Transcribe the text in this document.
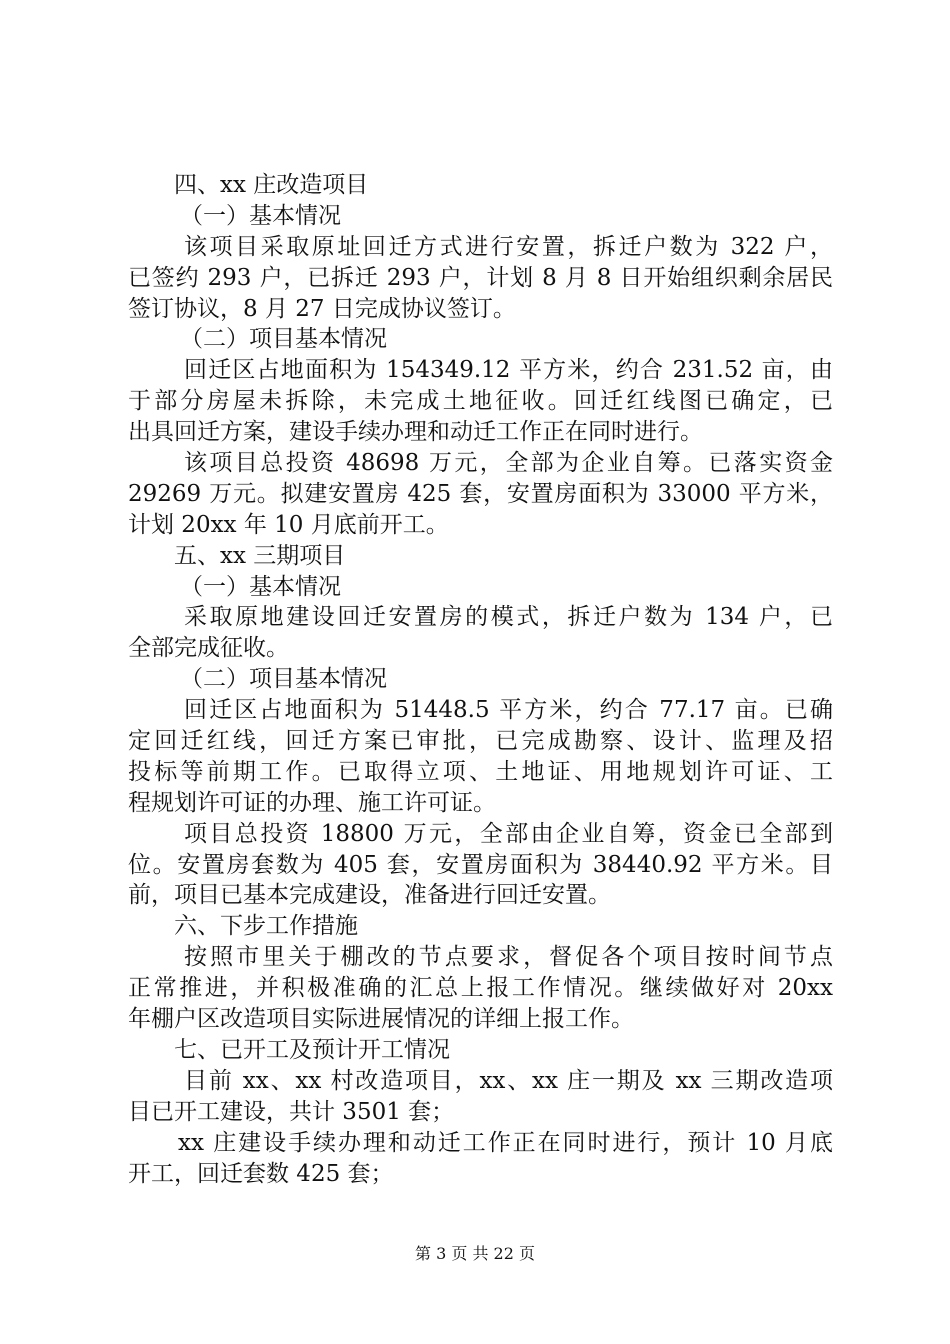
四、xx 庄改造项目
（一）基本情况
该项目采取原址回迁方式进行安置，拆迁户数为 322 户，
已签约 293 户，已拆迁 293 户，计划 8 月 8 日开始组织剩余居民
签订协议，8 月 27 日完成协议签订。
（二）项目基本情况
回迁区占地面积为 154349.12 平方米，约合 231.52 亩，由
于部分房屋未拆除，未完成土地征收。回迁红线图已确定，已
出具回迁方案，建设手续办理和动迁工作正在同时进行。
该项目总投资 48698 万元，全部为企业自筹。已落实资金
29269 万元。拟建安置房 425 套，安置房面积为 33000 平方米，
计划 20xx 年 10 月底前开工。
五、xx 三期项目
（一）基本情况
采取原地建设回迁安置房的模式，拆迁户数为 134 户，已
全部完成征收。
（二）项目基本情况
回迁区占地面积为 51448.5 平方米，约合 77.17 亩。已确
定回迁红线，回迁方案已审批，已完成勘察、设计、监理及招
投标等前期工作。已取得立项、土地证、用地规划许可证、工
程规划许可证的办理、施工许可证。
项目总投资 18800 万元，全部由企业自筹，资金已全部到
位。安置房套数为 405 套，安置房面积为 38440.92 平方米。目
前，项目已基本完成建设，准备进行回迁安置。
六、下步工作措施
按照市里关于棚改的节点要求，督促各个项目按时间节点
正常推进，并积极准确的汇总上报工作情况。继续做好对 20xx
年棚户区改造项目实际进展情况的详细上报工作。
七、已开工及预计开工情况
目前 xx、xx 村改造项目，xx、xx 庄一期及 xx 三期改造项
目已开工建设，共计 3501 套；
xx 庄建设手续办理和动迁工作正在同时进行，预计 10 月底
开工，回迁套数 425 套；
第 3 页 共 22 页
